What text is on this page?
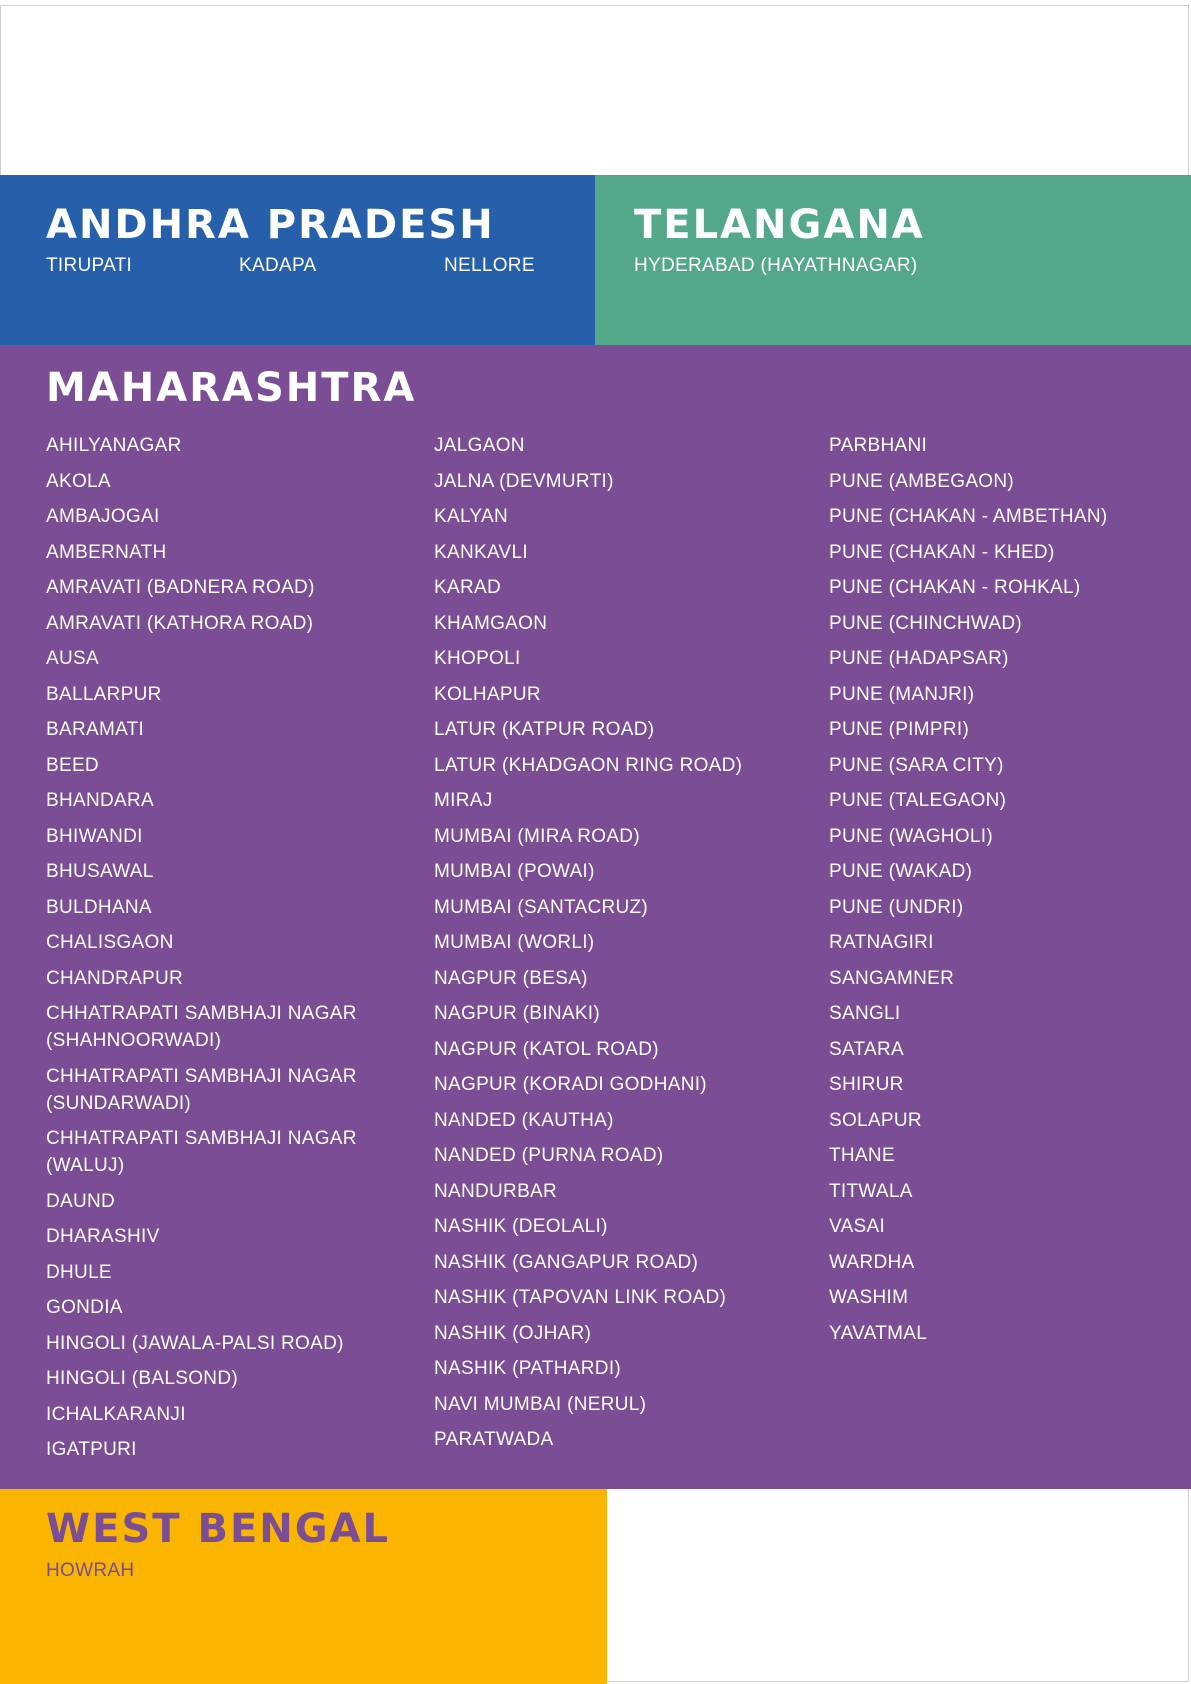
ANDHRA PRADESH
TIRUPATI	KADAPA	NELLORE
TELANGANA
HYDERABAD (HAYATHNAGAR)
MAHARASHTRA
AHILYANAGAR
AKOLA
AMBAJOGAI
AMBERNATH
AMRAVATI (BADNERA ROAD)
AMRAVATI (KATHORA ROAD)
AUSA
BALLARPUR
BARAMATI
BEED
BHANDARA
BHIWANDI
BHUSAWAL
BULDHANA
CHALISGAON
CHANDRAPUR
CHHATRAPATI SAMBHAJI NAGAR (SHAHNOORWADI)
CHHATRAPATI SAMBHAJI NAGAR (SUNDARWADI)
CHHATRAPATI SAMBHAJI NAGAR (WALUJ)
DAUND
DHARASHIV
DHULE
GONDIA
HINGOLI (JAWALA-PALSI ROAD)
HINGOLI (BALSOND)
ICHALKARANJI
IGATPURI
JALGAON
JALNA (DEVMURTI)
KALYAN
KANKAVLI
KARAD
KHAMGAON
KHOPOLI
KOLHAPUR
LATUR (KATPUR ROAD)
LATUR (KHADGAON RING ROAD)
MIRAJ
MUMBAI (MIRA ROAD)
MUMBAI (POWAI)
MUMBAI (SANTACRUZ)
MUMBAI (WORLI)
NAGPUR (BESA)
NAGPUR (BINAKI)
NAGPUR (KATOL ROAD)
NAGPUR (KORADI GODHANI)
NANDED (KAUTHA)
NANDED (PURNA ROAD)
NANDURBAR
NASHIK (DEOLALI)
NASHIK (GANGAPUR ROAD)
NASHIK (TAPOVAN LINK ROAD)
NASHIK (OJHAR)
NASHIK (PATHARDI)
NAVI MUMBAI (NERUL)
PARATWADA
PARBHANI
PUNE (AMBEGAON)
PUNE (CHAKAN - AMBETHAN)
PUNE (CHAKAN - KHED)
PUNE (CHAKAN - ROHKAL)
PUNE (CHINCHWAD)
PUNE (HADAPSAR)
PUNE (MANJRI)
PUNE (PIMPRI)
PUNE (SARA CITY)
PUNE (TALEGAON)
PUNE (WAGHOLI)
PUNE (WAKAD)
PUNE (UNDRI)
RATNAGIRI
SANGAMNER
SANGLI
SATARA
SHIRUR
SOLAPUR
THANE
TITWALA
VASAI
WARDHA
WASHIM
YAVATMAL
WEST BENGAL
HOWRAH
